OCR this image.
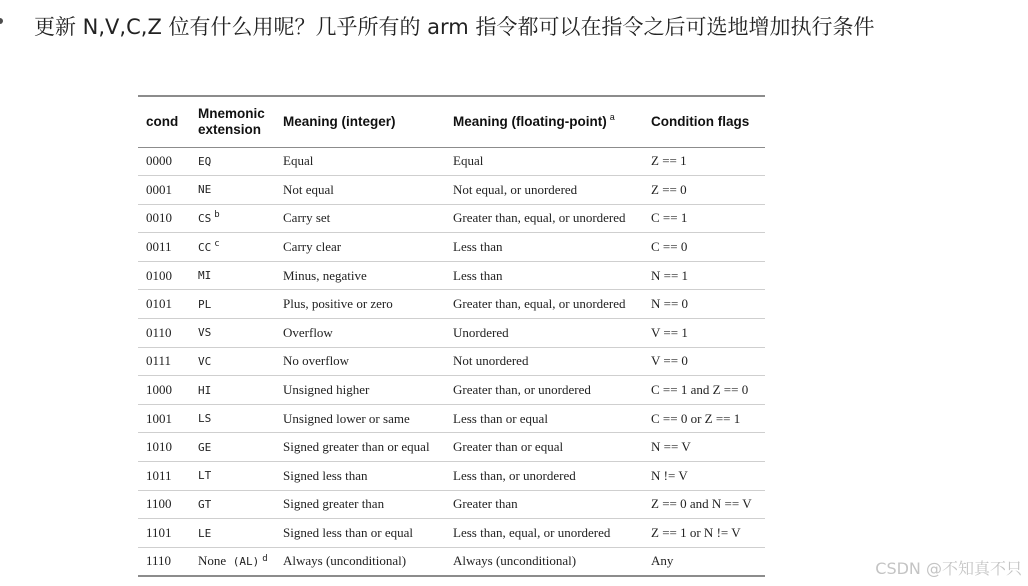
更新 N,V,C,Z 位有什么用呢？几乎所有的 arm 指令都可以在指令之后可选地增加执行条件

cond	Mnemonic extension	Meaning (integer)	Meaning (floating-point) $^a$	Condition flags
0000	EQ	Equal	Equal	Z == 1
0001	NE	Not equal	Not equal, or unordered	Z == 0
0010	CS $^b$	Carry set	Greater than, equal, or unordered	C == 1
0011	CC $^c$	Carry clear	Less than	C == 0
0100	MI	Minus, negative	Less than	N == 1
0101	PL	Plus, positive or zero	Greater than, equal, or unordered	N == 0
0110	VS	Overflow	Unordered	V == 1
0111	VC	No overflow	Not unordered	V == 0
1000	HI	Unsigned higher	Greater than, or unordered	C == 1 and Z == 0
1001	LS	Unsigned lower or same	Less than or equal	C == 0 or Z == 1
1010	GE	Signed greater than or equal	Greater than or equal	N == V
1011	LT	Signed less than	Less than, or unordered	N != V
1100	GT	Signed greater than	Greater than	Z == 0 and N == V
1101	LE	Signed less than or equal	Less than, equal, or unordered	Z == 1 or N != V
1110	None (AL) $^d$	Always (unconditional)	Always (unconditional)	Any	CSDN @不知真不只
